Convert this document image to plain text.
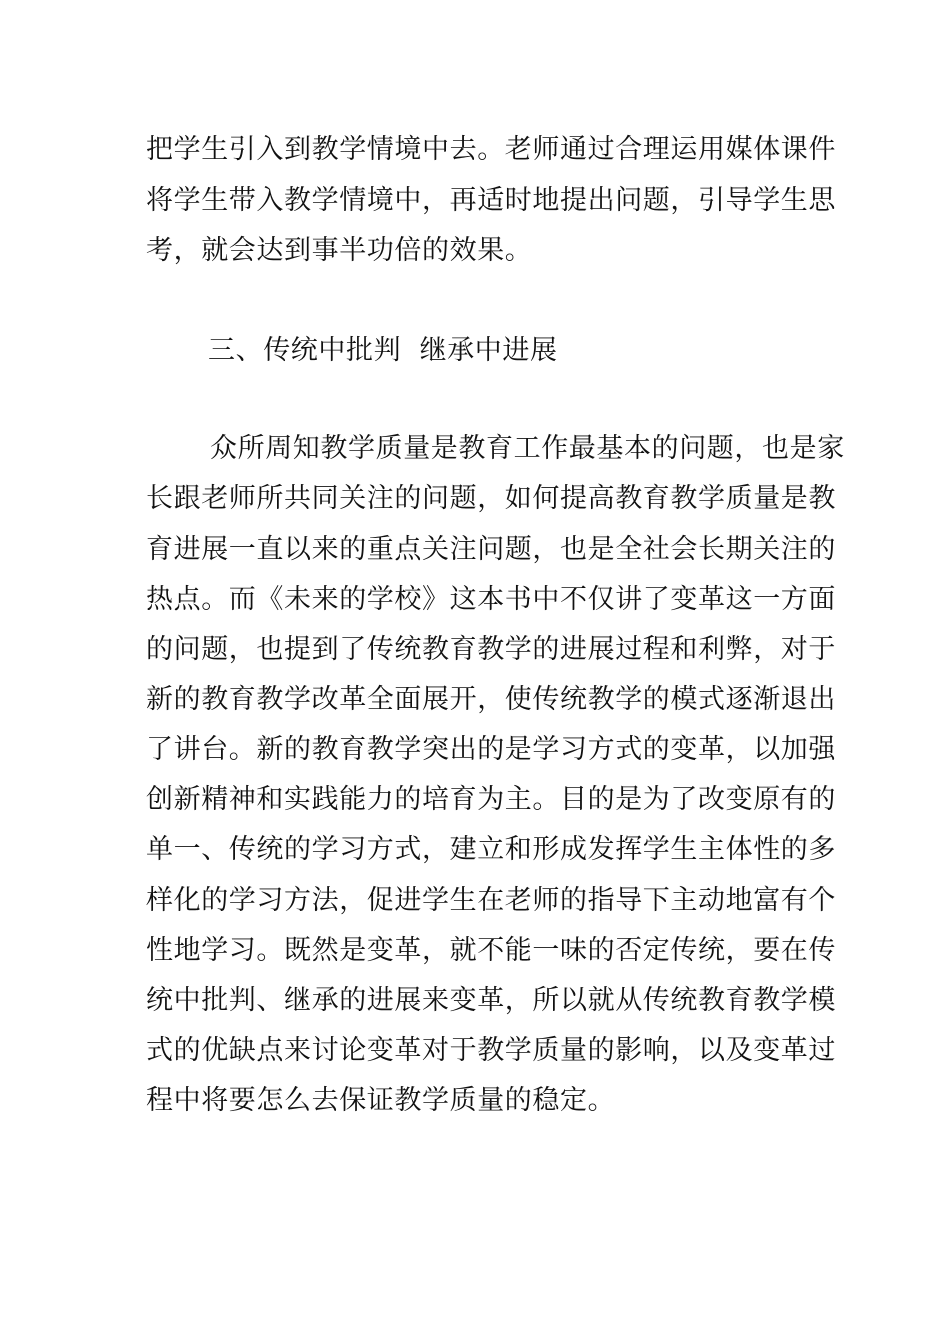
把学生引入到教学情境中去。老师通过合理运用媒体课件
将学生带入教学情境中，再适时地提出问题，引导学生思
考，就会达到事半功倍的效果。
三、传统中批判  继承中进展
众所周知教学质量是教育工作最基本的问题，也是家
长跟老师所共同关注的问题，如何提高教育教学质量是教
育进展一直以来的重点关注问题，也是全社会长期关注的
热点。而《未来的学校》这本书中不仅讲了变革这一方面
的问题，也提到了传统教育教学的进展过程和利弊，对于
新的教育教学改革全面展开，使传统教学的模式逐渐退出
了讲台。新的教育教学突出的是学习方式的变革，以加强
创新精神和实践能力的培育为主。目的是为了改变原有的
单一、传统的学习方式，建立和形成发挥学生主体性的多
样化的学习方法，促进学生在老师的指导下主动地富有个
性地学习。既然是变革，就不能一味的否定传统，要在传
统中批判、继承的进展来变革，所以就从传统教育教学模
式的优缺点来讨论变革对于教学质量的影响，以及变革过
程中将要怎么去保证教学质量的稳定。
